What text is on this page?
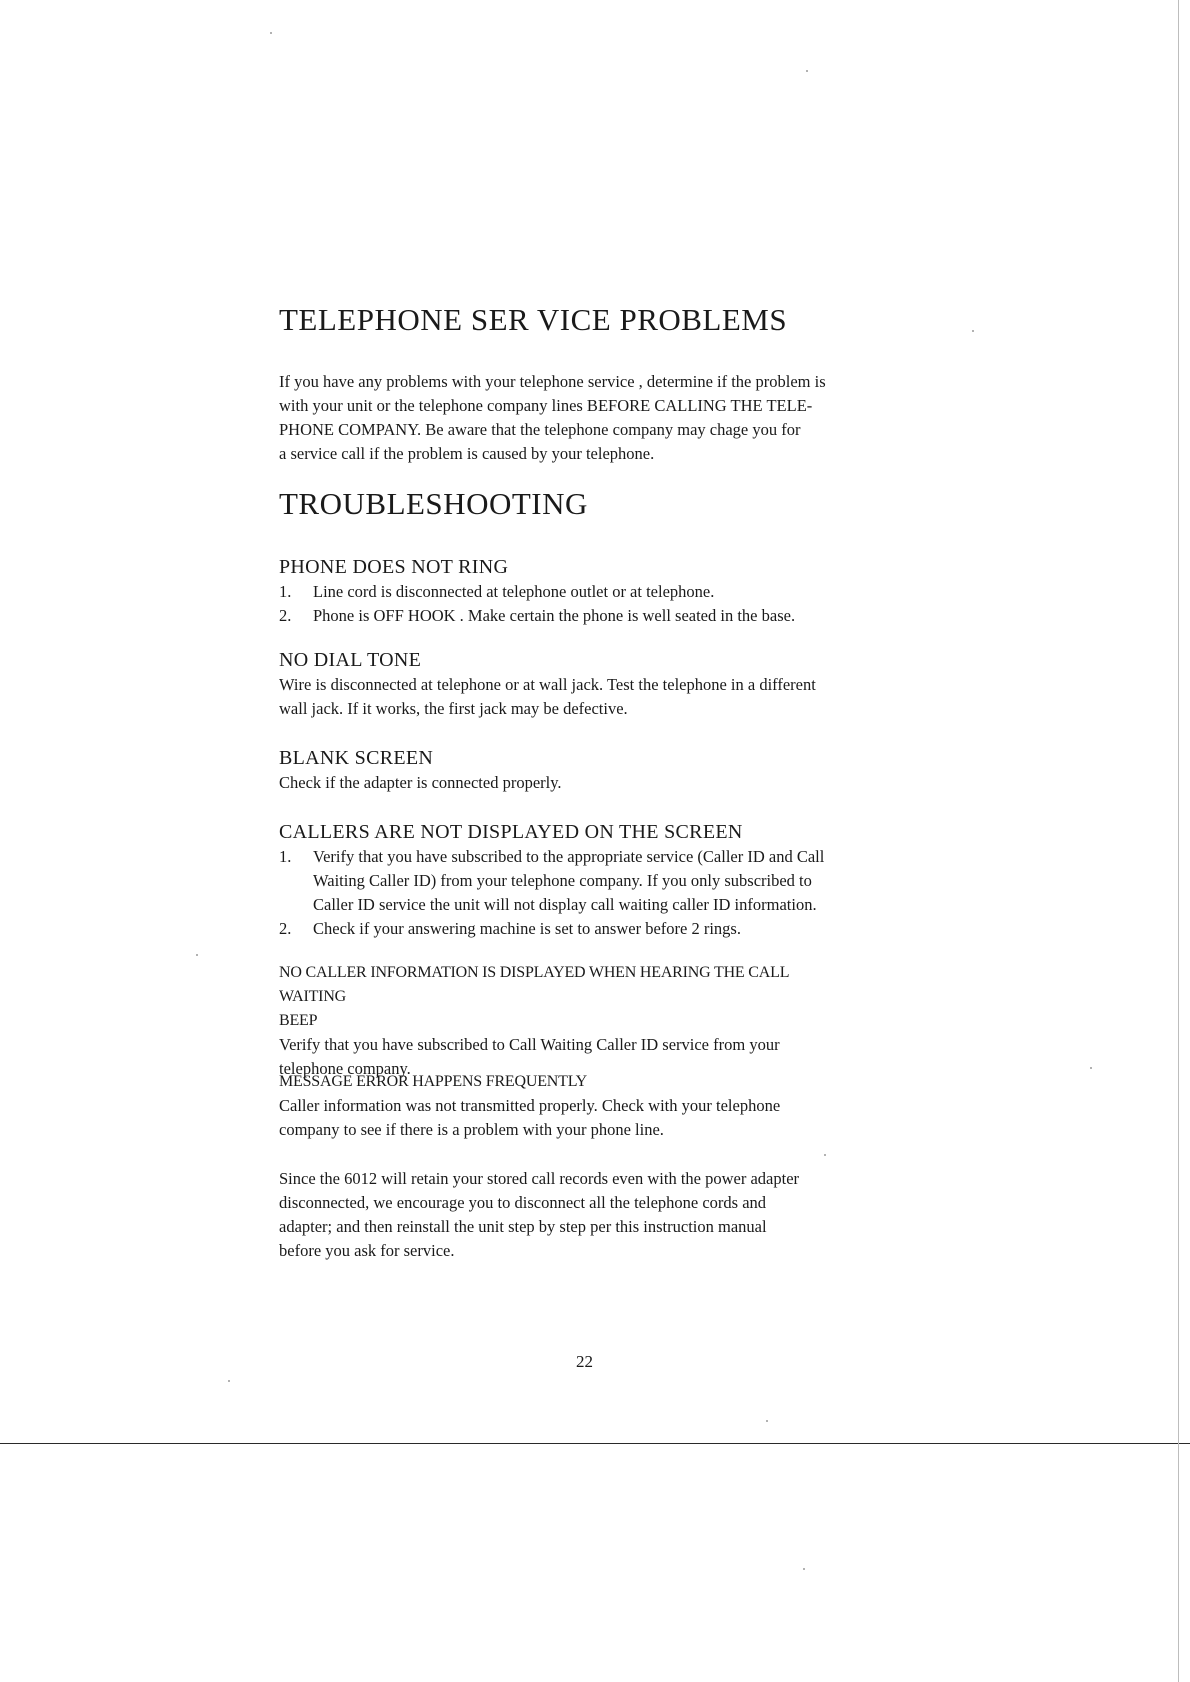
TELEPHONE SER VICE PROBLEMS

If you have any problems with your telephone service , determine if the problem is

with your unit or the telephone company lines BEFORE CALLING THE TELE-

PHONE COMPANY. Be aware that the telephone company may chage you for

a service call if the problem is caused by your telephone.

TROUBLESHOOTING
PHONE DOES NOT RING
1. Line cord is disconnected at telephone outlet or at telephone.
2. Phone is OFF HOOK . Make certain the phone is well seated in the base.
NO DIAL TONE

Wire is disconnected at telephone or at wall jack. Test the telephone in a different

wall jack. If it works, the first jack may be defective.

BLANK SCREEN

Check if the adapter is connected properly.

CALLERS ARE NOT DISPLAYED ON THE SCREEN
1. Verify that you have subscribed to the appropriate service (Caller ID and Call
Waiting Caller ID) from your telephone company. If you only subscribed to
Caller ID service the unit will not display call waiting caller ID information.
2. Check if your answering machine is set to answer before 2 rings.
NO CALLER INFORMATION IS DISPLAYED WHEN HEARING THE CALL
WAITING
BEEP

Verify that you have subscribed to Call Waiting Caller ID service from your

telephone company.

MESSAGE ERROR HAPPENS FREQUENTLY

Caller information was not transmitted properly. Check with your telephone

company to see if there is a problem with your phone line.

Since the 6012 will retain your stored call records even with the power adapter

disconnected, we encourage you to disconnect all the telephone cords and

adapter; and then reinstall the unit step by step per this instruction manual

before you ask for service.

22
